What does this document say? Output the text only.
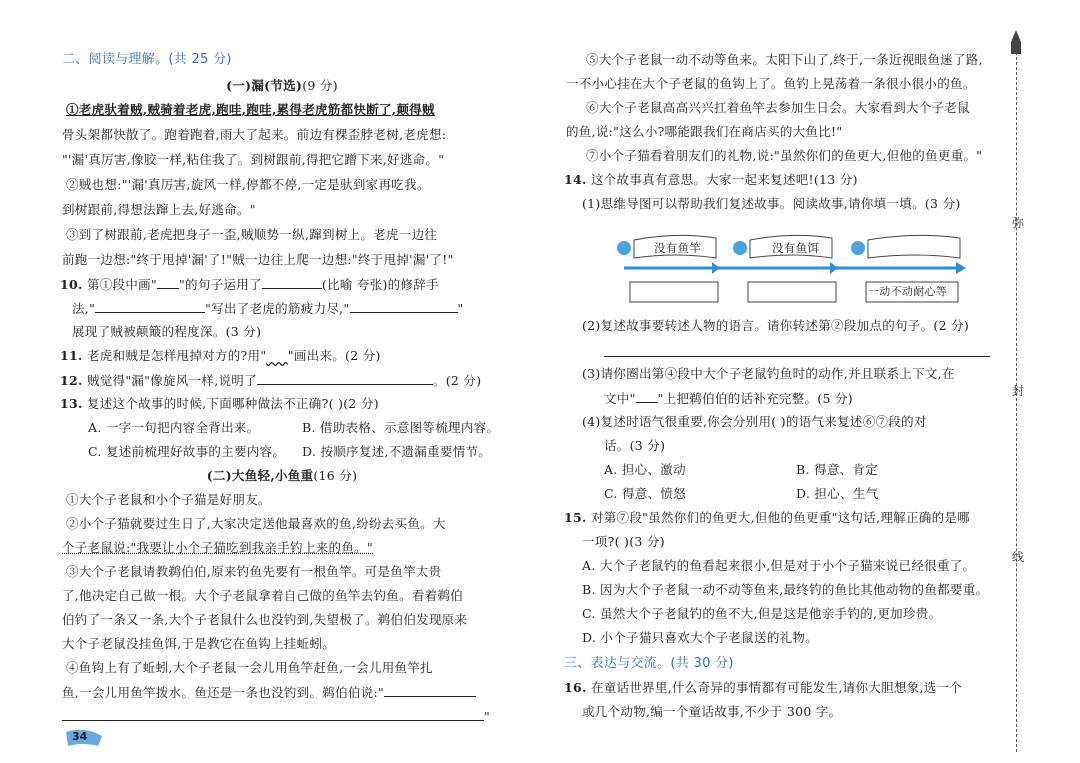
二、阅读与理解。(共 25 分)
(一)漏(节选)(9 分)
①老虎驮着贼,贼骑着老虎,跑哇,跑哇,累得老虎筋都快断了,颠得贼
骨头架都快散了。跑着跑着,雨大了起来。前边有棵歪脖老树,老虎想:
"'漏'真厉害,像胶一样,粘住我了。到树跟前,得把它蹭下来,好逃命。"
②贼也想:"'漏'真厉害,旋风一样,停都不停,一定是驮到家再吃我。
到树跟前,得想法蹿上去,好逃命。"
③到了树跟前,老虎把身子一歪,贼顺势一纵,蹿到树上。老虎一边往
前跑一边想:"终于甩掉'漏'了!"贼一边往上爬一边想:"终于甩掉'漏'了!"
10. 第①段中画" "的句子运用了	(比喻 夸张)的修辞手
法,"	"写出了老虎的筋疲力尽,"	"
展现了贼被颠簸的程度深。(3 分)
11. 老虎和贼是怎样甩掉对方的?用" "画出来。(2 分)
12. 贼觉得"漏"像旋风一样,说明了	。(2 分)
13. 复述这个故事的时候,下面哪种做法不正确?( )(2 分)
A. 一字一句把内容全背出来。	B. 借助表格、示意图等梳理内容。
C. 复述前梳理好故事的主要内容。 D. 按顺序复述,不遗漏重要情节。
(二)大鱼轻,小鱼重(16 分)
①大个子老鼠和小个子猫是好朋友。
②小个子猫就要过生日了,大家决定送他最喜欢的鱼,纷纷去买鱼。大
个子老鼠说:"我要让小个子猫吃到我亲手钓上来的鱼。"
③大个子老鼠请教鹈伯伯,原来钓鱼先要有一根鱼竿。可是鱼竿太贵
了,他决定自己做一根。大个子老鼠拿着自己做的鱼竿去钓鱼。看着鹈伯
伯钓了一条又一条,大个子老鼠什么也没钓到,失望极了。鹈伯伯发现原来
大个子老鼠没挂鱼饵,于是教它在鱼钩上挂蚯蚓。
④鱼钩上有了蚯蚓,大个子老鼠一会儿用鱼竿赶鱼,一会儿用鱼竿扎
鱼,一会儿用鱼竿拨水。鱼还是一条也没钓到。鹈伯伯说:"
"
34
⑤大个子老鼠一动不动等鱼来。太阳下山了,终于,一条近视眼鱼迷了路,
一不小心挂在大个子老鼠的鱼钩上了。鱼钓上晃荡着一条很小很小的鱼。
⑥大个子老鼠高高兴兴扛着鱼竿去参加生日会。大家看到大个子老鼠
的鱼,说:"这么小?哪能跟我们在商店买的大鱼比!"
⑦小个子猫看着朋友们的礼物,说:"虽然你们的鱼更大,但他的鱼更重。"
14. 这个故事真有意思。大家一起来复述吧!(13 分)
(1)思维导图可以帮助我们复述故事。阅读故事,请你填一填。(3 分)
没有鱼竿	没有鱼饵
一动不动耐心等
(2)复述故事要转述人物的语言。请你转述第②段加点的句子。(2 分)
(3)请你圈出第④段中大个子老鼠钓鱼时的动作,并且联系上下文,在
文中" "上把鹈伯伯的话补充完整。(5 分)
(4)复述时语气很重要,你会分别用( )的语气来复述⑥⑦段的对
话。(3 分)
A. 担心、激动	B. 得意、肯定
C. 得意、愤怒	D. 担心、生气
15. 对第⑦段"虽然你们的鱼更大,但他的鱼更重"这句话,理解正确的是哪
一项?( )(3 分)
A. 大个子老鼠钓的鱼看起来很小,但是对于小个子猫来说已经很重了。
B. 因为大个子老鼠一动不动等鱼来,最终钓的鱼比其他动物的鱼都要重。
C. 虽然大个子老鼠钓的鱼不大,但是这是他亲手钓的,更加珍贵。
D. 小个子猫只喜欢大个子老鼠送的礼物。
三、表达与交流。(共 30 分)
16. 在童话世界里,什么奇异的事情都有可能发生,请你大胆想象,选一个
或几个动物,编一个童话故事,不少于 300 字。
弥
封
线
